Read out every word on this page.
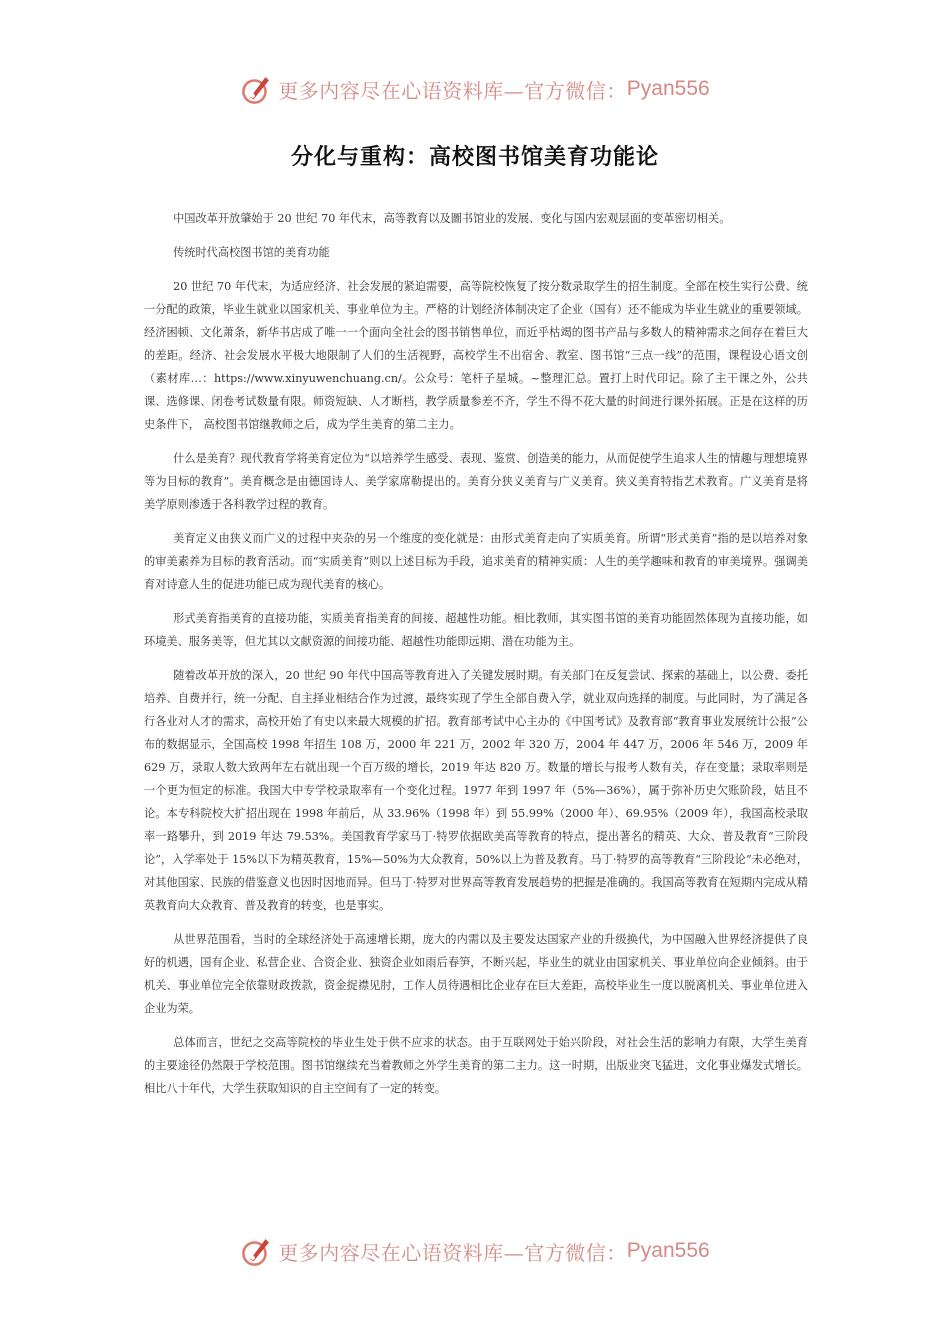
更多内容尽在心语资料库—官方微信： Pyan556
分化与重构：高校图书馆美育功能论

中国改革开放肇始于 20 世纪 70 年代末，高等教育以及圖书馆业的发展、变化与国内宏观层面的变革密切相关。

传统时代高校图书馆的美育功能

20 世纪 70 年代末，为适应经济、社会发展的紧迫需要，高等院校恢复了按分数录取学生的招生制度。全部在校生实行公费、统一分配的政策，毕业生就业以国家机关、事业单位为主。严格的计划经济体制决定了企业（国有）还不能成为毕业生就业的重要领域。经济困顿、文化萧条，新华书店成了唯一一个面向全社会的图书销售单位，而近乎枯竭的图书产品与多数人的精神需求之间存在着巨大的差距。经济、社会发展水平极大地限制了人们的生活视野，高校学生不出宿舍、教室、图书馆“三点一线”的范围，课程设心语文创（素材库…：https://www.xinyuwenchuang.cn/。公众号：笔杆子星城。~整理汇总。置打上时代印记。除了主干课之外，公共课、选修课、闭卷考试数量有限。师资短缺、人才断档，教学质量参差不齐，学生不得不花大量的时间进行课外拓展。正是在这样的历史条件下， 高校图书馆继教师之后，成为学生美育的第二主力。

什么是美育？现代教育学将美育定位为“以培养学生感受、表现、鉴赏、创造美的能力，从而促使学生追求人生的情趣与理想境界等为目标的教育”。美育概念是由德国诗人、美学家席勒提出的。美育分狭义美育与广义美育。狭义美育特指艺术教育。广义美育是将美学原则渗透于各科教学过程的教育。

美育定义由狭义而广义的过程中夹杂的另一个维度的变化就是：由形式美育走向了实质美育。所谓“形式美育”指的是以培养对象的审美素养为目标的教育活动。而“实质美育”则以上述目标为手段，追求美育的精神实质：人生的美学趣味和教育的审美境界。强调美育对诗意人生的促进功能已成为现代美育的核心。

形式美育指美育的直接功能，实质美育指美育的间接、超越性功能。相比教师，其实图书馆的美育功能固然体现为直接功能，如环境美、服务美等，但尤其以文献资源的间接功能、超越性功能即远期、潜在功能为主。

随着改革开放的深入，20 世纪 90 年代中国高等教育进入了关键发展时期。有关部门在反复尝试、探索的基础上，以公费、委托培养、自费并行，统一分配、自主择业相结合作为过渡，最终实现了学生全部自费入学，就业双向选择的制度。与此同时，为了满足各行各业对人才的需求，高校开始了有史以来最大规模的扩招。教育部考试中心主办的《中国考试》及教育部“教育事业发展统计公报”公布的数据显示，全国高校 1998 年招生 108 万，2000 年 221 万，2002 年 320 万，2004 年 447 万，2006 年 546 万，2009 年 629 万，录取人数大致两年左右就出现一个百万级的增长，2019 年达 820 万。数量的增长与报考人数有关，存在变量；录取率则是一个更为恒定的标准。我国大中专学校录取率有一个变化过程。1977 年到 1997 年（5%—36%），属于弥补历史欠账阶段，姑且不论。本专科院校大扩招出现在 1998 年前后，从 33.96%（1998 年）到 55.99%（2000 年）、69.95%（2009 年），我国高校录取率一路攀升，到 2019 年达 79.53%。美国教育学家马丁·特罗依据欧美高等教育的特点，提出著名的精英、大众、普及教育“三阶段论”，入学率处于 15%以下为精英教育，15%—50%为大众教育，50%以上为普及教育。马丁·特罗的高等教育“三阶段论”未必绝对，对其他国家、民族的借鉴意义也因时因地而异。但马丁·特罗对世界高等教育发展趋势的把握是准确的。我国高等教育在短期内完成从精英教育向大众教育、普及教育的转变，也是事实。

从世界范围看，当时的全球经济处于高速增长期，庞大的内需以及主要发达国家产业的升级换代，为中国融入世界经济提供了良好的机遇，国有企业、私营企业、合资企业、独资企业如雨后春笋，不断兴起，毕业生的就业由国家机关、事业单位向企业倾斜。由于机关、事业单位完全依靠财政拨款，资金捉襟见肘，工作人员待遇相比企业存在巨大差距，高校毕业生一度以脱离机关、事业单位进入企业为荣。

总体而言，世纪之交高等院校的毕业生处于供不应求的状态。由于互联网处于始兴阶段，对社会生活的影响力有限，大学生美育的主要途径仍然限于学校范围。图书馆继续充当着教师之外学生美育的第二主力。这一时期，出版业突飞猛进，文化事业爆发式增长。相比八十年代，大学生获取知识的自主空间有了一定的转变。

更多内容尽在心语资料库—官方微信： Pyan556
